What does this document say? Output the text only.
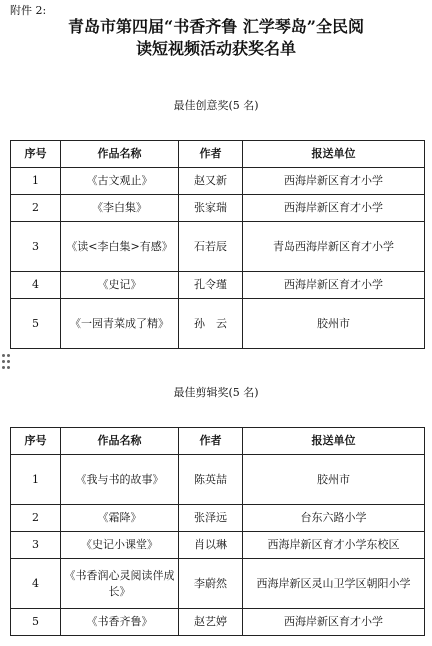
附件 2:
青岛市第四届“书香齐鲁 汇学琴岛”全民阅
读短视频活动获奖名单
最佳创意奖(5 名)
序号	作品名称	作者	报送单位
1	《古文观止》	赵又新	西海岸新区育才小学
2	《李白集》	张家瑞	西海岸新区育才小学
3	《读<李白集>有感》	石若辰	青岛西海岸新区育才小学
4	《史记》	孔令瑾	西海岸新区育才小学
5	《一园青菜成了精》	孙　云	胶州市
最佳剪辑奖(5 名)
序号	作品名称	作者	报送单位
1	《我与书的故事》	陈英喆	胶州市
2	《霜降》	张泽远	台东六路小学
3	《史记小课堂》	肖以琳	西海岸新区育才小学东校区
4	《书香润心灵阅读伴成长》	李蔚然	西海岸新区灵山卫学区朝阳小学
5	《书香齐鲁》	赵艺婷	西海岸新区育才小学
